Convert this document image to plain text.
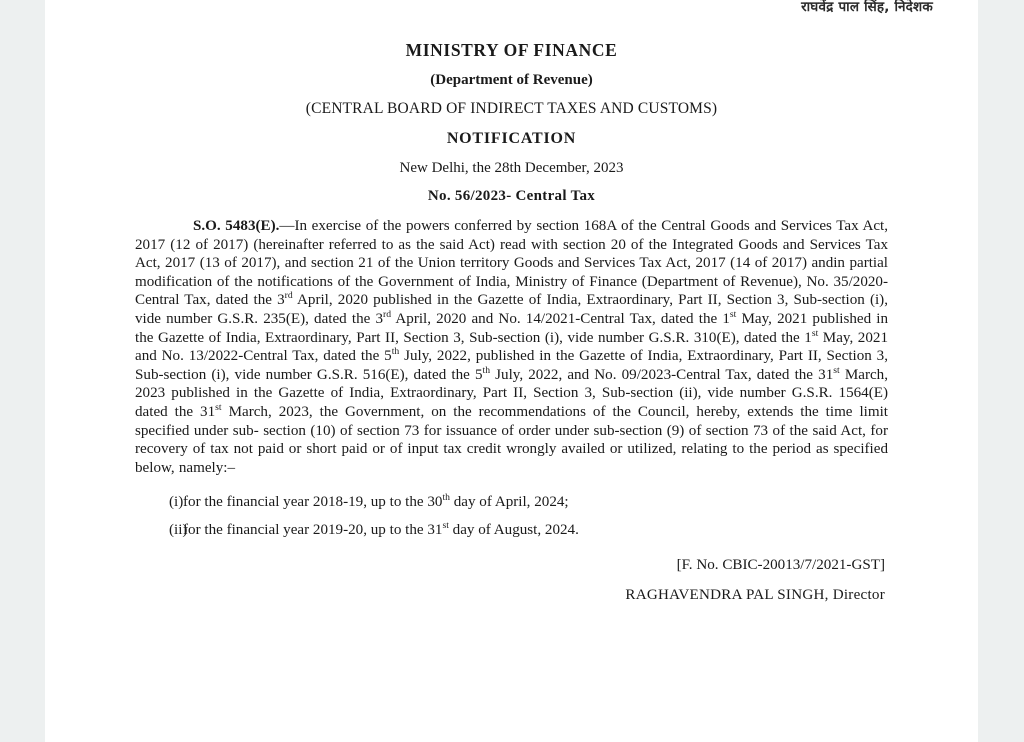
राघवेंद्र पाल सिंह, निदेशक
MINISTRY OF FINANCE
(Department of Revenue)
(CENTRAL BOARD OF INDIRECT TAXES AND CUSTOMS)
NOTIFICATION
New Delhi, the 28th December, 2023
No. 56/2023- Central Tax

S.O. 5483(E).—In exercise of the powers conferred by section 168A of the Central Goods and Services Tax Act, 2017 (12 of 2017) (hereinafter referred to as the said Act) read with section 20 of the Integrated Goods and Services Tax Act, 2017 (13 of 2017), and section 21 of the Union territory Goods and Services Tax Act, 2017 (14 of 2017) andin partial modification of the notifications of the Government of India, Ministry of Finance (Department of Revenue), No. 35/2020-Central Tax, dated the 3rd April, 2020 published in the Gazette of India, Extraordinary, Part II, Section 3, Sub-section (i), vide number G.S.R. 235(E), dated the 3rd April, 2020 and No. 14/2021-Central Tax, dated the 1st May, 2021 published in the Gazette of India, Extraordinary, Part II, Section 3, Sub-section (i), vide number G.S.R. 310(E), dated the 1st May, 2021 and No. 13/2022-Central Tax, dated the 5th July, 2022, published in the Gazette of India, Extraordinary, Part II, Section 3, Sub-section (i), vide number G.S.R. 516(E), dated the 5th July, 2022, and No. 09/2023-Central Tax, dated the 31st March, 2023 published in the Gazette of India, Extraordinary, Part II, Section 3, Sub-section (ii), vide number G.S.R. 1564(E) dated the 31st March, 2023, the Government, on the recommendations of the Council, hereby, extends the time limit specified under sub- section (10) of section 73 for issuance of order under sub-section (9) of section 73 of the said Act, for recovery of tax not paid or short paid or of input tax credit wrongly availed or utilized, relating to the period as specified below, namely:–

(i) for the financial year 2018-19, up to the 30th day of April, 2024;
(ii)
for the financial year 2019-20, up to the 31st day of August, 2024.

[F. No. CBIC-20013/7/2021-GST]

RAGHAVENDRA PAL SINGH, Director
